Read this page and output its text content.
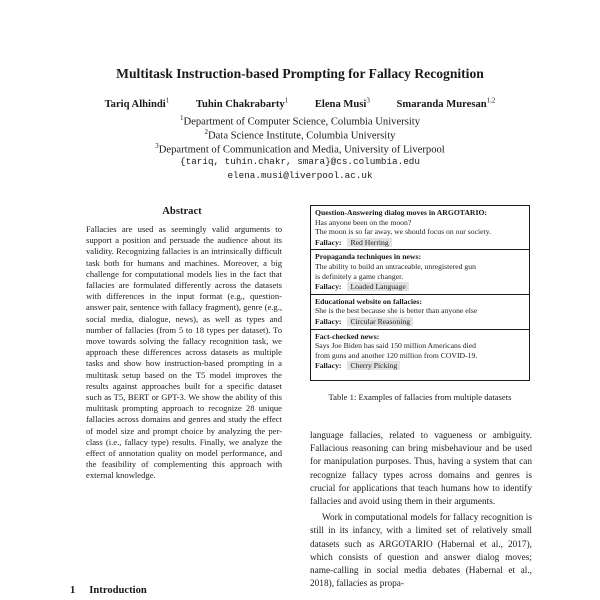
Multitask Instruction-based Prompting for Fallacy Recognition
Tariq Alhindi$^1$	Tuhin Chakrabarty$^1$	Elena Musi$^3$	Smaranda Muresan$^{1,2}$
$^1$Department of Computer Science, Columbia University
$^2$Data Science Institute, Columbia University
$^3$Department of Communication and Media, University of Liverpool
{tariq, tuhin.chakr, smara}@cs.columbia.edu
elena.musi@liverpool.ac.uk
Abstract
Fallacies are used as seemingly valid arguments to support a position and persuade the audience about its validity. Recognizing fallacies is an intrinsically difficult task both for humans and machines. Moreover, a big challenge for computational models lies in the fact that fallacies are formulated differently across the datasets with differences in the input format (e.g., question-answer pair, sentence with fallacy fragment), genre (e.g., social media, dialogue, news), as well as types and number of fallacies (from 5 to 18 types per dataset). To move towards solving the fallacy recognition task, we approach these differences across datasets as multiple tasks and show how instruction-based prompting in a multitask setup based on the T5 model improves the results against approaches built for a specific dataset such as T5, BERT or GPT-3. We show the ability of this multitask prompting approach to recognize 28 unique fallacies across domains and genres and study the effect of model size and prompt choice by analyzing the per-class (i.e., fallacy type) results. Finally, we analyze the effect of annotation quality on model performance, and the feasibility of complementing this approach with external knowledge.
1 Introduction
Question-Answering dialog moves in ARGOTARIO:
Has anyone been on the moon?
The moon is so far away, we should focus on our society.
Fallacy: Red Herring
Propaganda techniques in news:
The ability to build an untraceable, unregistered gun
is definitely a game changer.
Fallacy: Loaded Language
Educational website on fallacies:
She is the best because she is better than anyone else
Fallacy: Circular Reasoning
Fact-checked news:
Says Joe Biden has said 150 million Americans died
from guns and another 120 million from COVID-19.
Fallacy: Cherry Picking
Table 1: Examples of fallacies from multiple datasets

language fallacies, related to vagueness or ambiguity. Fallacious reasoning can bring misbehaviour and be used for manipulation purposes. Thus, having a system that can recognize fallacy types across domains and genres is crucial for applications that teach humans how to identify fallacies and avoid using them in their arguments.

Work in computational models for fallacy recognition is still in its infancy, with a limited set of relatively small datasets such as ARGOTARIO (Habernal et al., 2017), which consists of question and answer dialog moves; name-calling in social media debates (Habernal et al., 2018), fallacies as propa-
